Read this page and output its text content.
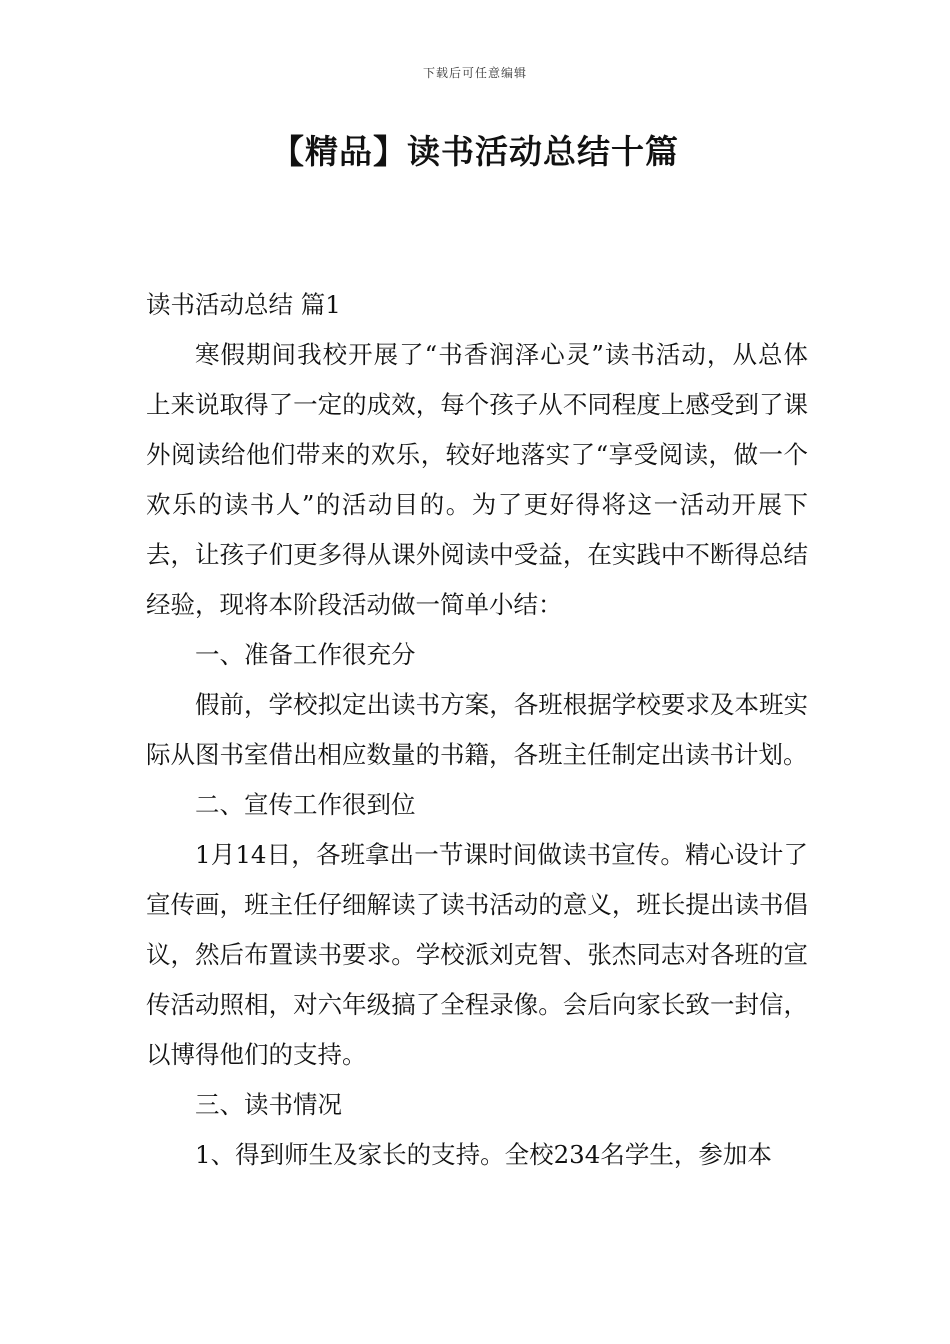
下载后可任意编辑
【精品】读书活动总结十篇

读书活动总结 篇1

寒假期间我校开展了“书香润泽心灵”读书活动，从总体上来说取得了一定的成效，每个孩子从不同程度上感受到了课外阅读给他们带来的欢乐，较好地落实了“享受阅读，做一个欢乐的读书人”的活动目的。为了更好得将这一活动开展下去，让孩子们更多得从课外阅读中受益，在实践中不断得总结经验，现将本阶段活动做一简单小结：

一、准备工作很充分

假前，学校拟定出读书方案，各班根据学校要求及本班实际从图书室借出相应数量的书籍，各班主任制定出读书计划。

二、宣传工作很到位

1月14日，各班拿出一节课时间做读书宣传。精心设计了宣传画，班主任仔细解读了读书活动的意义，班长提出读书倡议，然后布置读书要求。学校派刘克智、张杰同志对各班的宣传活动照相，对六年级搞了全程录像。会后向家长致一封信，以博得他们的支持。

三、读书情况

1、得到师生及家长的支持。全校234名学生，参加本
